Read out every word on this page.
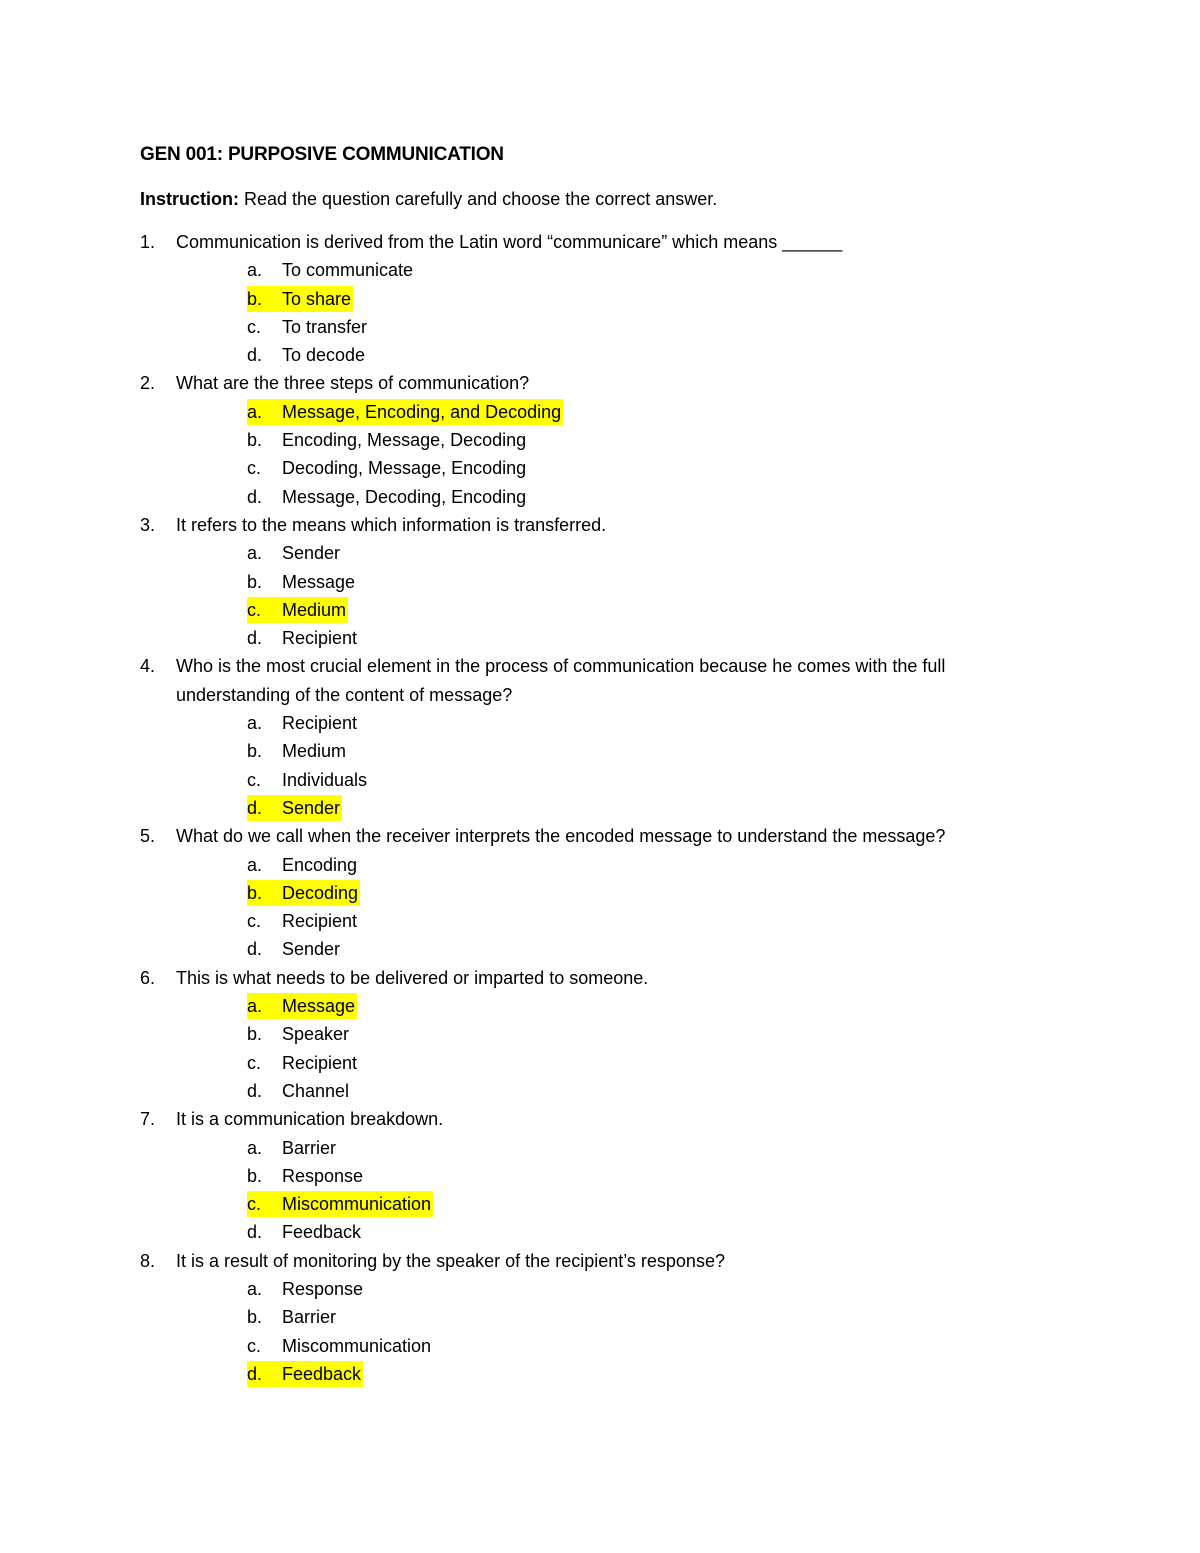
GEN 001: PURPOSIVE COMMUNICATION
Instruction: Read the question carefully and choose the correct answer.
1. Communication is derived from the Latin word “communicare” which means ______
a. To communicate
b. To share
c. To transfer
d. To decode
2. What are the three steps of communication?
a. Message, Encoding, and Decoding
b. Encoding, Message, Decoding
c. Decoding, Message, Encoding
d. Message, Decoding, Encoding
3. It refers to the means which information is transferred.
a. Sender
b. Message
c. Medium
d. Recipient
4. Who is the most crucial element in the process of communication because he comes with the full understanding of the content of message?
a. Recipient
b. Medium
c. Individuals
d. Sender
5. What do we call when the receiver interprets the encoded message to understand the message?
a. Encoding
b. Decoding
c. Recipient
d. Sender
6. This is what needs to be delivered or imparted to someone.
a. Message
b. Speaker
c. Recipient
d. Channel
7. It is a communication breakdown.
a. Barrier
b. Response
c. Miscommunication
d. Feedback
8. It is a result of monitoring by the speaker of the recipient’s response?
a. Response
b. Barrier
c. Miscommunication
d. Feedback
